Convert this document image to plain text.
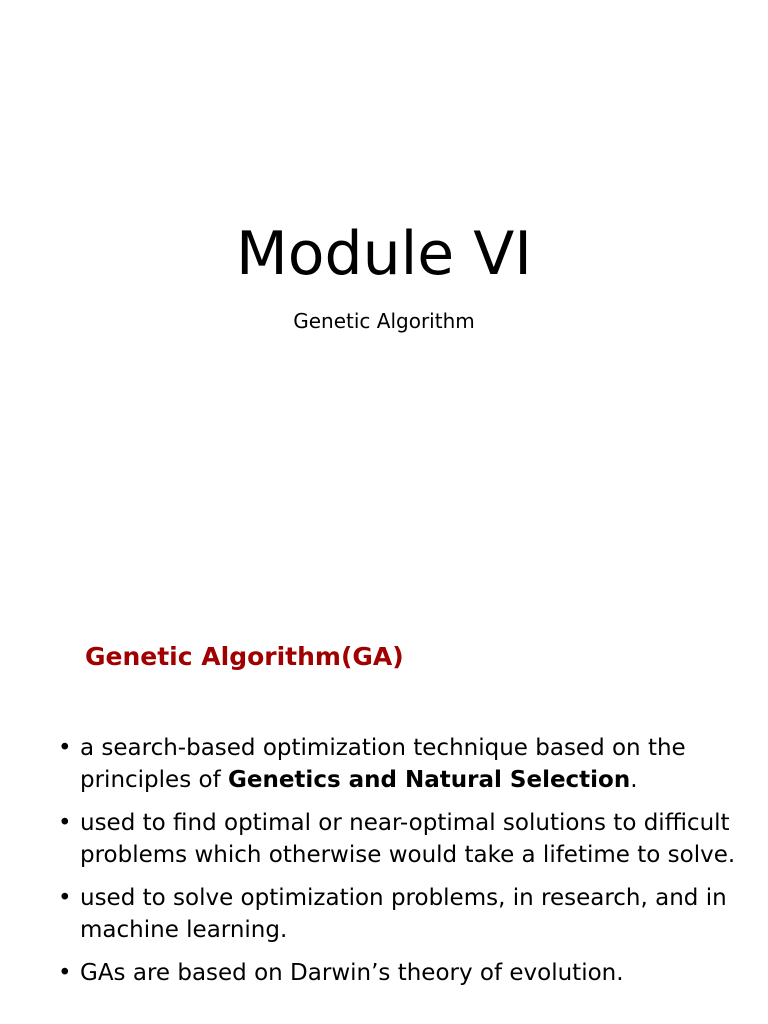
Module VI

Genetic Algorithm

Genetic Algorithm(GA)
• a search-based optimization technique based on the principles of Genetics and Natural Selection.
• used to find optimal or near-optimal solutions to difficult problems which otherwise would take a lifetime to solve.
• used to solve optimization problems, in research, and in machine learning.
• GAs are based on Darwin’s theory of evolution.
